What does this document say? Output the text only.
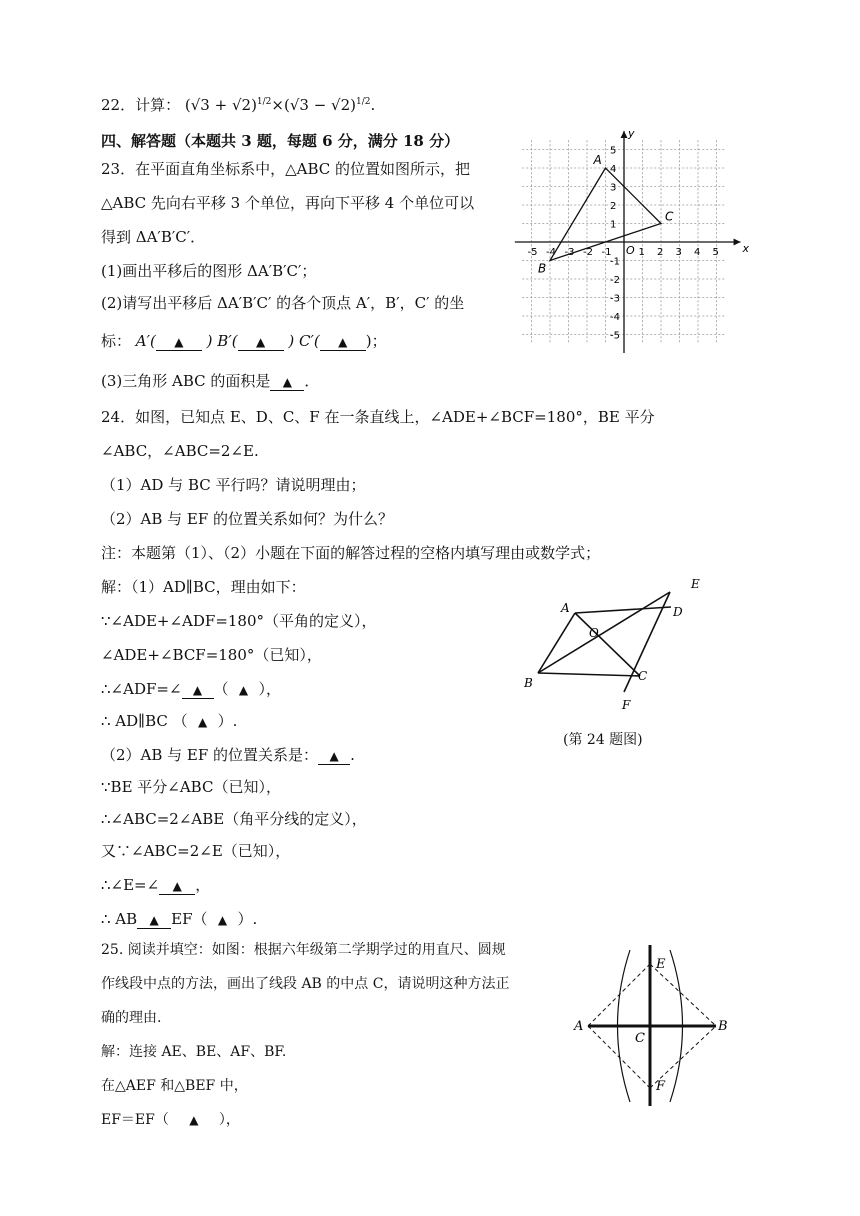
22．计算： $(√3 + √2)^{1/2}\times(√3 - √2)^{1/2}$.
四、解答题（本题共 3 题，每题 6 分，满分 18 分）
23．在平面直角坐标系中，△ABC 的位置如图所示，把
△ABC 先向右平移 3 个单位，再向下平移 4 个单位可以
得到 ΔA′B′C′．
(1)画出平移后的图形 ΔA′B′C′；
(2)请写出平移后 ΔA′B′C′ 的各个顶点 A′，B′，C′ 的坐
标： A′( ▲ ) B′( ▲ ) C′( ▲ )；
(3)三角形 ABC 的面积是 ▲ ．
x
y
O
-5 -4 -3 -2 -1	1 2 3 4 5
5
4
3
2
1
-1
-2
-3
-4
-5
A
B
C
24．如图，已知点 E、D、C、F 在一条直线上，∠ADE+∠BCF=180°，BE 平分
∠ABC，∠ABC=2∠E.
（1）AD 与 BC 平行吗？请说明理由；
（2）AB 与 EF 的位置关系如何？为什么？
注：本题第（1）、（2）小题在下面的解答过程的空格内填写理由或数学式；
解：（1）AD∥BC，理由如下：
∵∠ADE+∠ADF=180°（平角的定义），
∠ADE+∠BCF=180°（已知），
∴∠ADF=∠ ▲ （ ▲ ），
∴ AD∥BC （ ▲ ）.
（2）AB 与 EF 的位置关系是： ▲ .
∵BE 平分∠ABC（已知），
∴∠ABC=2∠ABE（角平分线的定义），
又∵∠ABC=2∠E（已知），
∴∠E=∠ ▲ ，
∴ AB ▲ EF（ ▲ ）.
A
B	C
D
E
F
O
(第 24 题图)
25. 阅读并填空：如图：根据六年级第二学期学过的用直尺、圆规
作线段中点的方法，画出了线段 AB 的中点 C，请说明这种方法正
确的理由.
解：连接 AE、BE、AF、BF.
在△AEF 和△BEF 中，
EF＝EF（ ▲ ），
A	B
C
E
F
